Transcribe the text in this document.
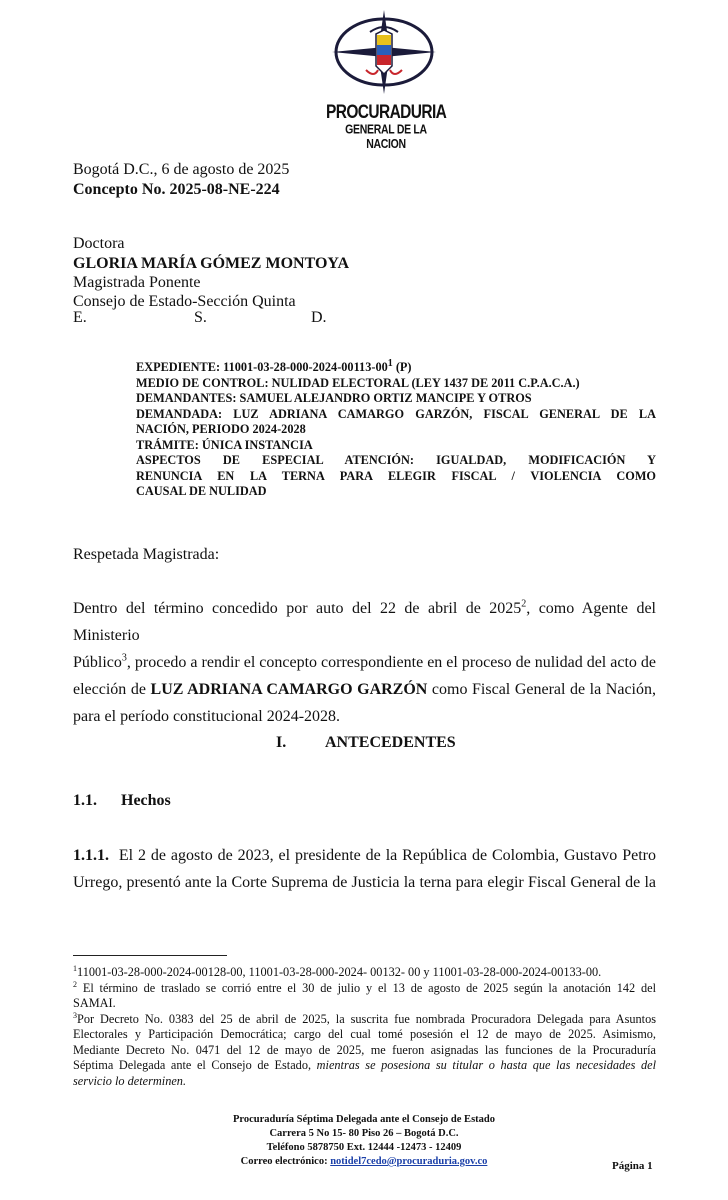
PROCURADURIA
GENERAL DE LA NACION
Bogotá D.C., 6 de agosto de 2025
Concepto No. 2025-08-NE-224
Doctora
GLORIA MARÍA GÓMEZ MONTOYA
Magistrada Ponente
Consejo de Estado-Sección Quinta
E.	S.	D.
EXPEDIENTE: $11001-03-28-000-2024-00113-00^1$ (P)
MEDIO DE CONTROL: NULIDAD ELECTORAL (LEY 1437 DE 2011 C.P.A.C.A.)
DEMANDANTES: SAMUEL ALEJANDRO ORTIZ MANCIPE Y OTROS
DEMANDADA: LUZ ADRIANA CAMARGO GARZÓN, FISCAL GENERAL DE LA
NACIÓN, PERIODO 2024-2028
TRÁMITE: ÚNICA INSTANCIA
ASPECTOS DE ESPECIAL ATENCIÓN: IGUALDAD, MODIFICACIÓN Y
RENUNCIA EN LA TERNA PARA ELEGIR FISCAL / VIOLENCIA COMO
CAUSAL DE NULIDAD
Respetada Magistrada:
Dentro del término concedido por auto del 22 de abril de 2025$^2$, como Agente del Ministerio
Público$^3$, procedo a rendir el concepto correspondiente en el proceso de nulidad del acto de
elección de LUZ ADRIANA CAMARGO GARZÓN como Fiscal General de la Nación,
para el período constitucional 2024-2028.
I. ANTECEDENTES
1.1. Hechos
1.1.1. El 2 de agosto de 2023, el presidente de la República de Colombia, Gustavo Petro
Urrego, presentó ante la Corte Suprema de Justicia la terna para elegir Fiscal General de la
$^1$11001-03-28-000-2024-00128-00, 11001-03-28-000-2024- 00132- 00 y 11001-03-28-000-2024-00133-00.
$^2$ El término de traslado se corrió entre el 30 de julio y el 13 de agosto de 2025 según la anotación 142 del
SAMAI.
$^3$Por Decreto No. 0383 del 25 de abril de 2025, la suscrita fue nombrada Procuradora Delegada para Asuntos
Electorales y Participación Democrática; cargo del cual tomé posesión el 12 de mayo de 2025. Asimismo,
Mediante Decreto No. 0471 del 12 de mayo de 2025, me fueron asignadas las funciones de la Procuraduría
Séptima Delegada ante el Consejo de Estado, mientras se posesiona su titular o hasta que las necesidades del
servicio lo determinen.
Procuraduría Séptima Delegada ante el Consejo de Estado
Carrera 5 No 15- 80 Piso 26 – Bogotá D.C.
Teléfono 5878750 Ext. 12444 -12473 - 12409
Correo electrónico: notidel7cedo@procuraduria.gov.co	Página 1
